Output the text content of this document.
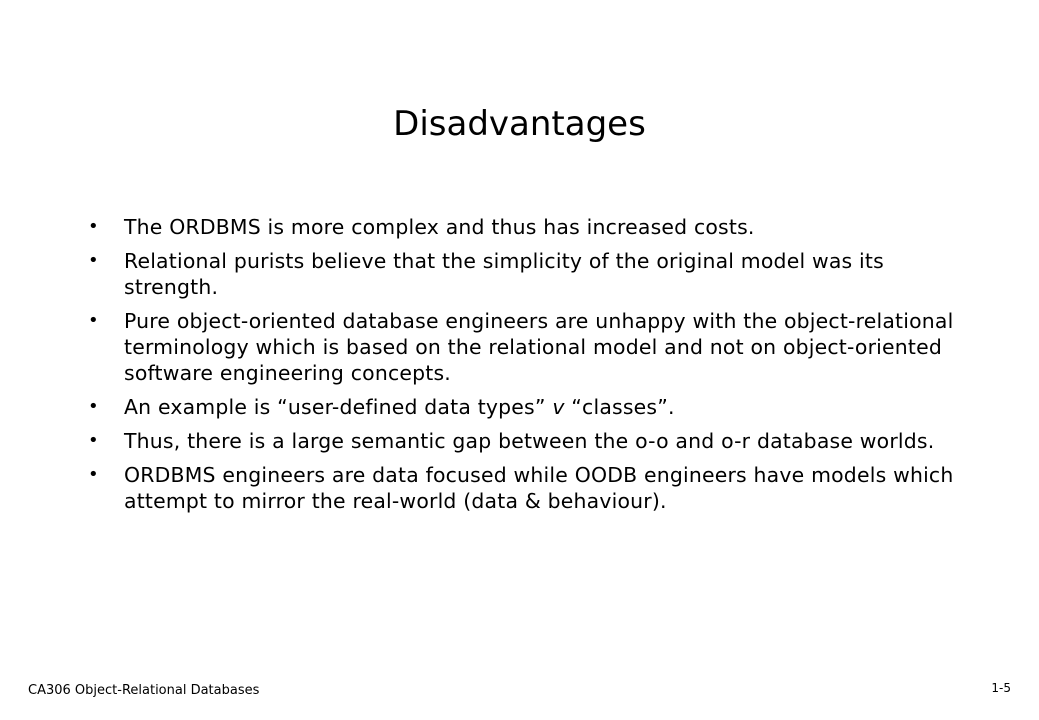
Disadvantages
• The ORDBMS is more complex and thus has increased costs.
• Relational purists believe that the simplicity of the original model was its strength.
• Pure object-oriented database engineers are unhappy with the object-relational terminology which is based on the relational model and not on object-oriented software engineering concepts.
• An example is “user-defined data types” v “classes”.
• Thus, there is a large semantic gap between the o-o and o-r database worlds.
• ORDBMS engineers are data focused while OODB engineers have models which attempt to mirror the real-world (data & behaviour).
CA306 Object-Relational Databases	1-5
